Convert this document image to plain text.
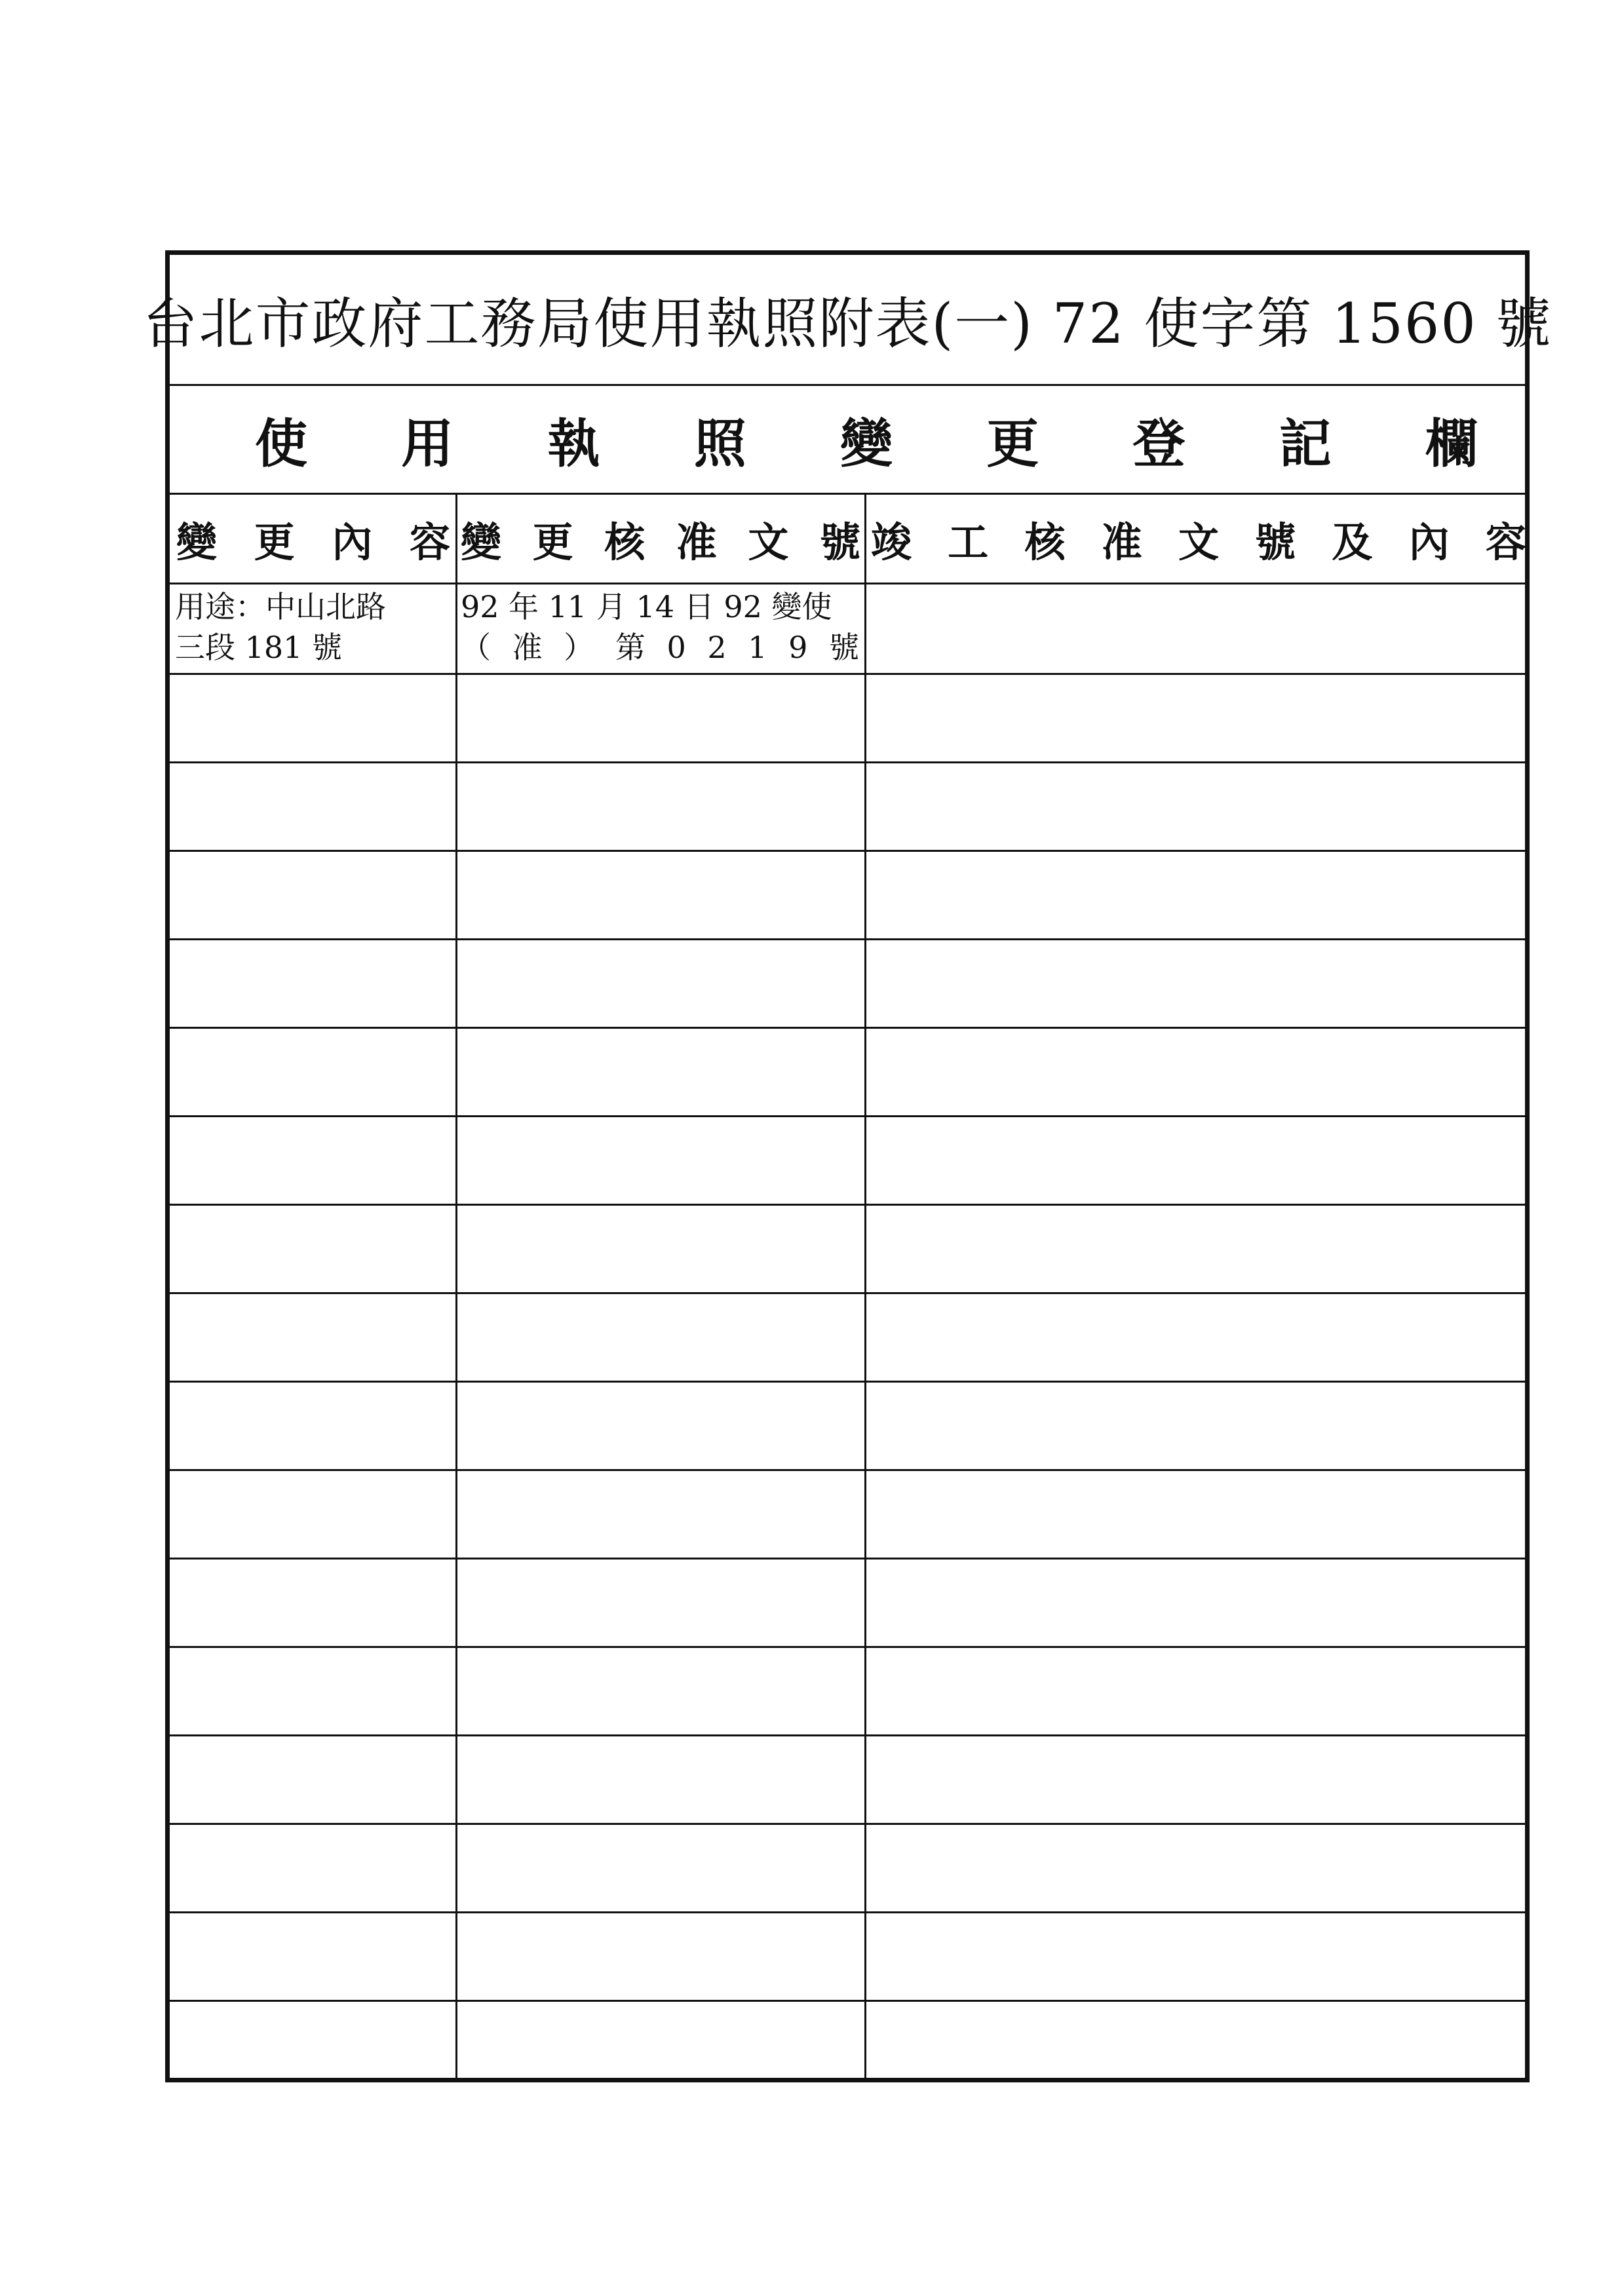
台北市政府工務局使用執照附表(一) 72 使字第 1560 號
使 用 執 照 變 更 登 記 欄
變 更 內 容 變 更 核 准 文 號 竣 工 核 准 文 號 及 內 容
用途：中山北路
三段 181 號
92 年 11 月 14 日 92 變使
（ 准 ） 第 0 2 1 9 號
